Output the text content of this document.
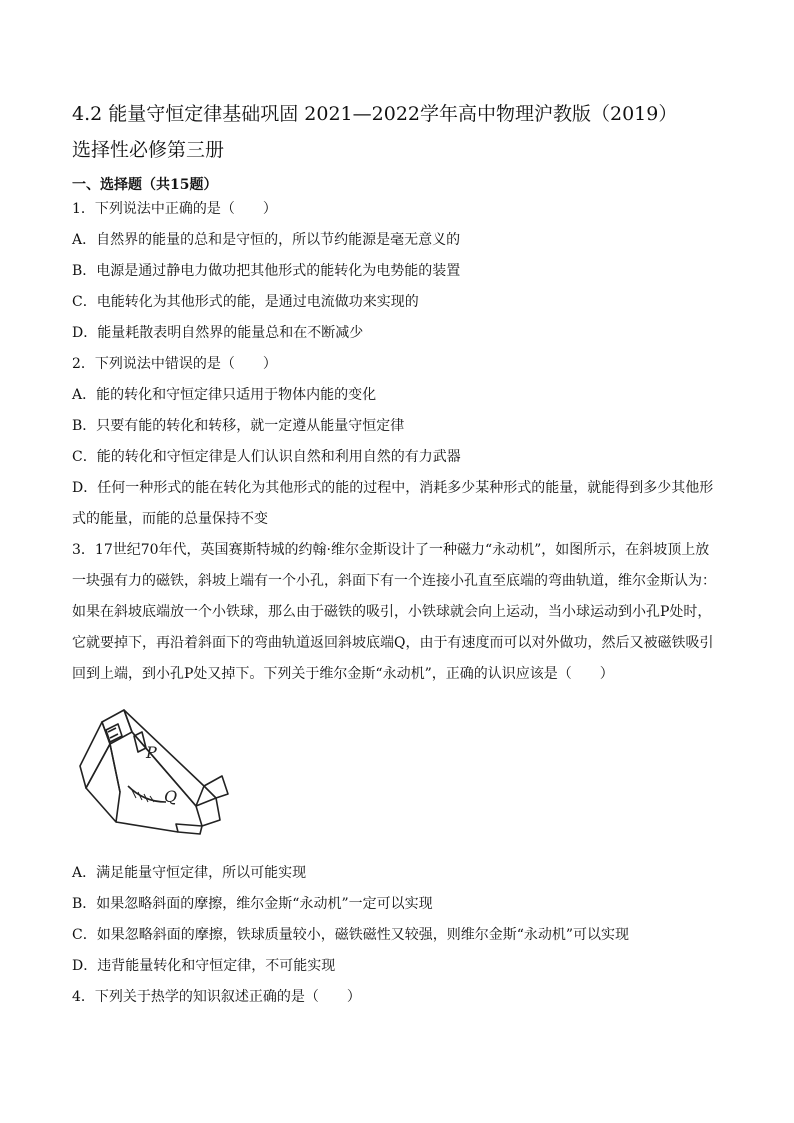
4.2 能量守恒定律基础巩固 2021—2022学年高中物理沪教版（2019）
选择性必修第三册
一、选择题（共15题）
1．下列说法中正确的是（　　）
A．自然界的能量的总和是守恒的，所以节约能源是毫无意义的
B．电源是通过静电力做功把其他形式的能转化为电势能的装置
C．电能转化为其他形式的能，是通过电流做功来实现的
D．能量耗散表明自然界的能量总和在不断减少
2．下列说法中错误的是（　　）
A．能的转化和守恒定律只适用于物体内能的变化
B．只要有能的转化和转移，就一定遵从能量守恒定律
C．能的转化和守恒定律是人们认识自然和利用自然的有力武器
D．任何一种形式的能在转化为其他形式的能的过程中，消耗多少某种形式的能量，就能得到多少其他形式的能量，而能的总量保持不变
3．17世纪70年代，英国赛斯特城的约翰·维尔金斯设计了一种磁力“永动机”，如图所示，在斜坡顶上放一块强有力的磁铁，斜坡上端有一个小孔，斜面下有一个连接小孔直至底端的弯曲轨道，维尔金斯认为：如果在斜坡底端放一个小铁球，那么由于磁铁的吸引，小铁球就会向上运动，当小球运动到小孔P处时，它就要掉下，再沿着斜面下的弯曲轨道返回斜坡底端Q，由于有速度而可以对外做功，然后又被磁铁吸引回到上端，到小孔P处又掉下。下列关于维尔金斯“永动机”，正确的认识应该是（　　）
P
Q
A．满足能量守恒定律，所以可能实现
B．如果忽略斜面的摩擦，维尔金斯“永动机”一定可以实现
C．如果忽略斜面的摩擦，铁球质量较小，磁铁磁性又较强，则维尔金斯“永动机”可以实现
D．违背能量转化和守恒定律，不可能实现
4．下列关于热学的知识叙述正确的是（　　）
